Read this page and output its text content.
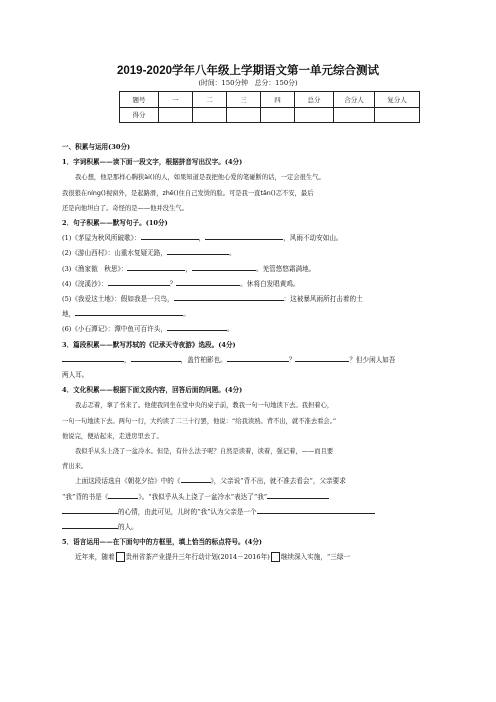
2019-2020学年八年级上学期语文第一单元综合测试
(时间：150分钟　总分：150分)
题号	一	二	三	四	总分	合分人	复分人
得分							

一、积累与运用(30分)

1．字词积累——读下面一段文字，根据拼音写出汉字。(4分)

我心想，他是那样心胸狭ài()的人，如果知道是我把他心爱的笔碰断的话，一定会很生气。

我很狼在níng()视窗外，是起路滑，zhē()住自己发烫的脸。可是我一直tǎn()忑不安，最后

还是向他坦白了。奇怪的是——他并没生气。

2．句子积累——默写句子。(10分)

(1)《茅屋为秋风所破歌》：	，	，风雨不动安如山。

(2)《游山西村》：山重水复疑无路，	。

(3)《渔家傲　秋思》：	，	。羌管悠悠霜满地。

(4)《浣溪沙》：	？	。休将白发唱黄鸡。

(5)《我爱这土地》：假如我是一只鸟，	：这被暴风雨所打击着的土

地，	。

(6)《小石潭记》：潭中鱼可百许头，	。

3．篇段积累——默写苏轼的《记承天寺夜游》选段。(4分)

，	，盖竹柏影也。	？	？但少闲人如吾

两人耳。

4．文化积累——根据下面文段内容，回答后面的问题。(4分)

我忐忑着，拿了书来了。他使我同坐在堂中央的桌子前，教我一句一句地读下去。我担着心，

一句一句地读下去。两句一行，大约读了二三十行罢，他说：“给我读熟。背不出，就不准去看会。”

他说完，便站起来，走进房里去了。

我似乎从头上浇了一盆冷水。但是，有什么法子呢？自然是读着，读着，强记着，——而且要

背出来。

上面这段话选自《朝花夕拾》中的《	》，父亲说“背不出，就不准去看会”，父亲要求

“我”背的书是《	》。“我似乎从头上浇了一盆冷水”表达了“我”

的心情，由此可见，儿时的“我”认为父亲是一个

的人。

5．语言运用——在下面句中的方框里，填上恰当的标点符号。(4分)

近年来，随着 贵州省茶产业提升三年行动计划(2014－2016年) 继续深入实施，“三绿一
